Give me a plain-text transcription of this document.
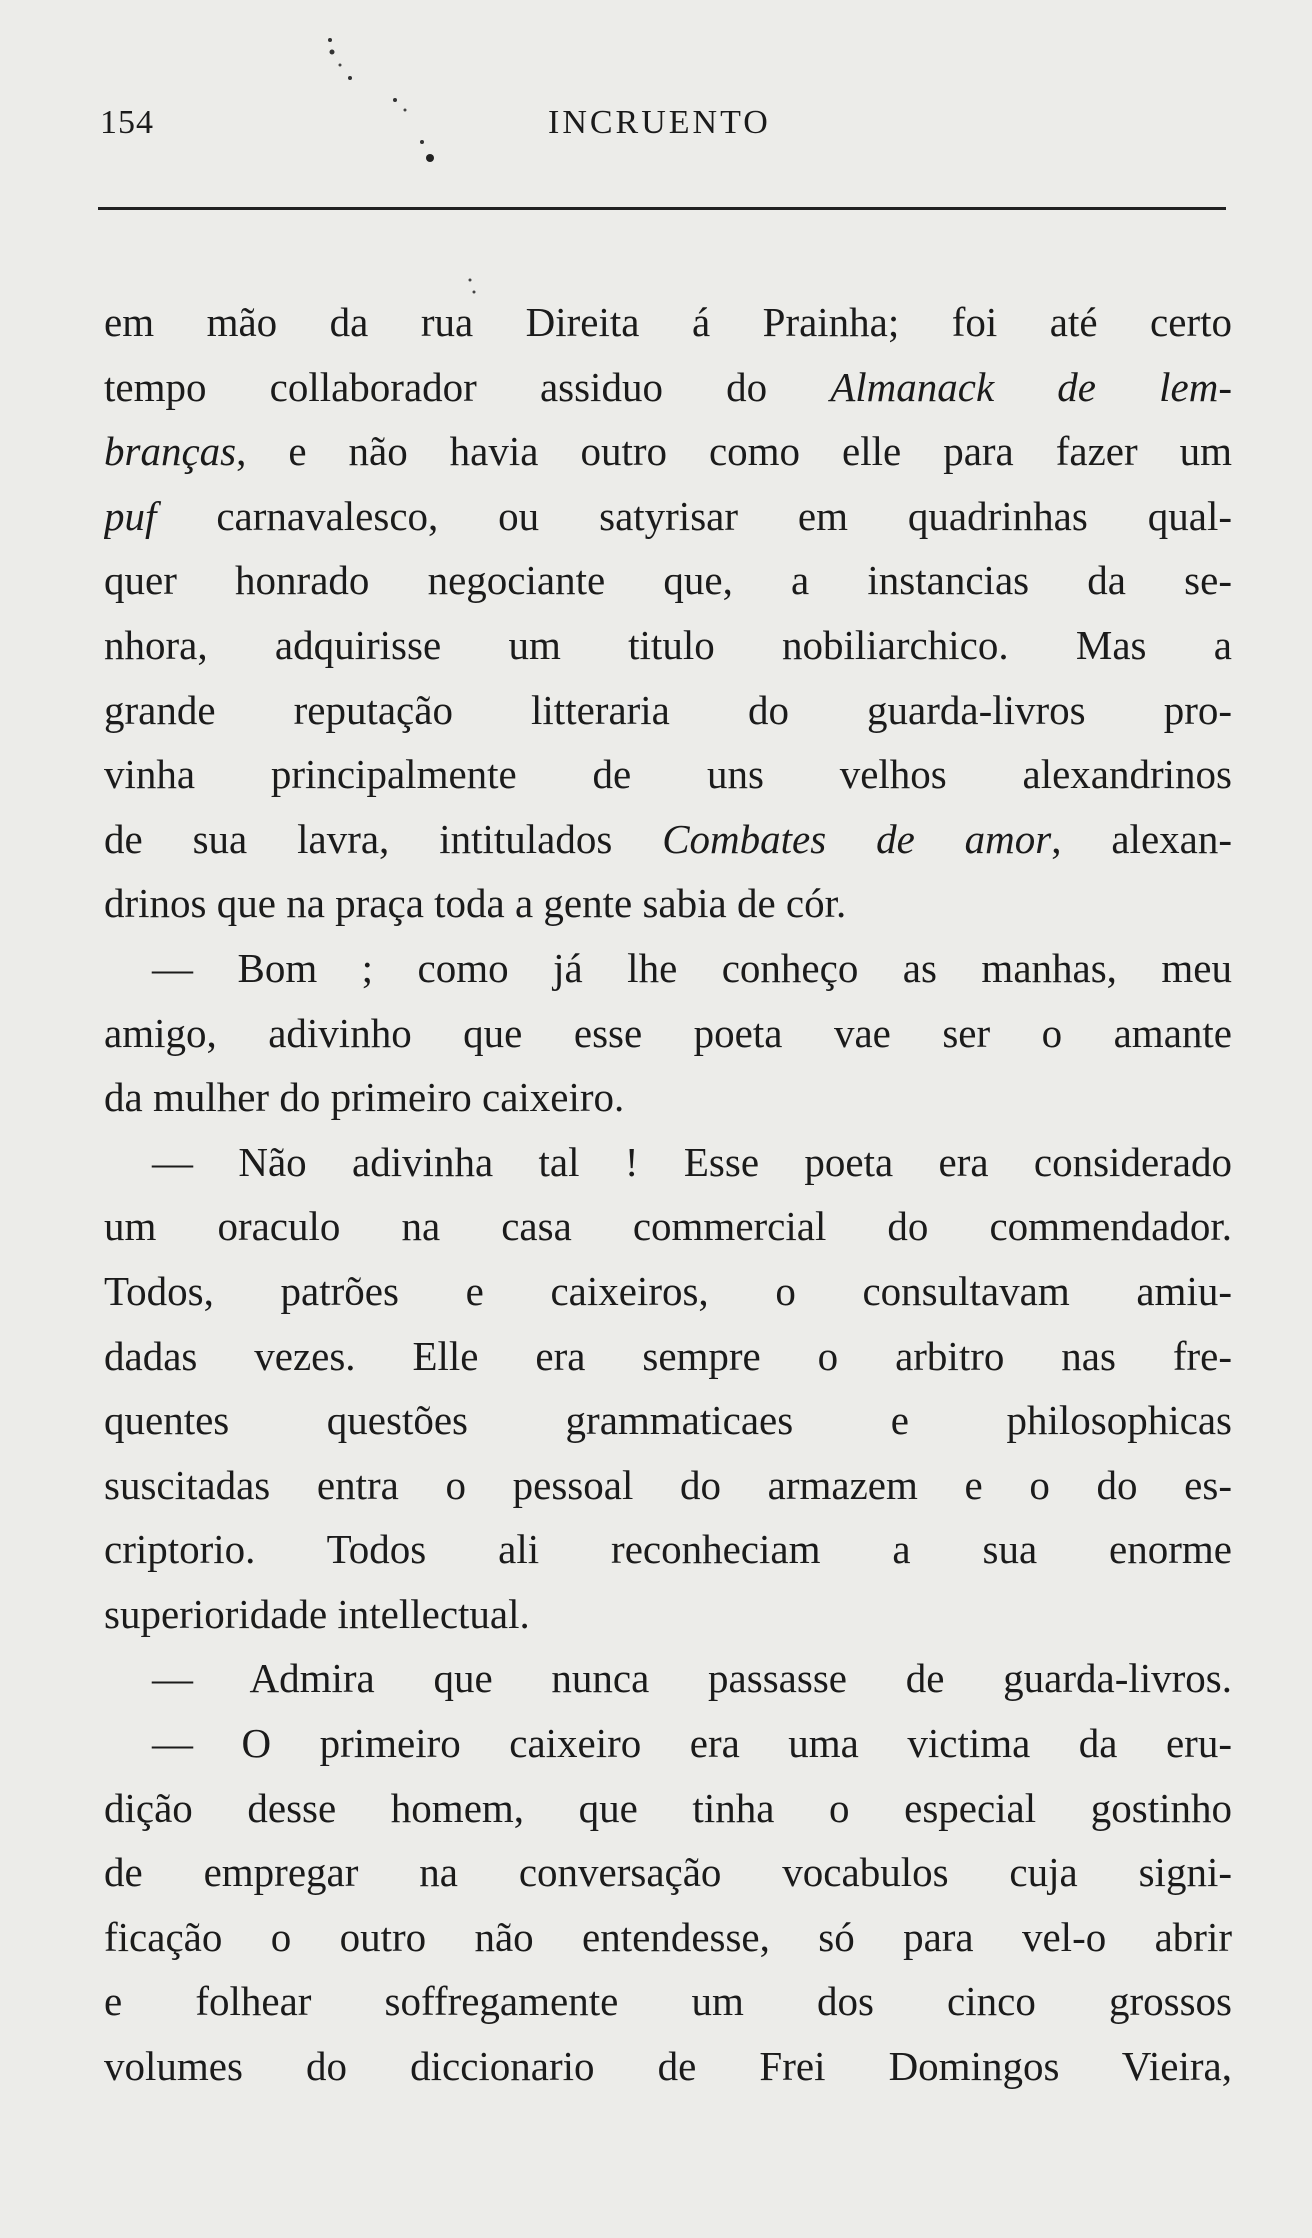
154	INCRUENTO
em mão da rua Direita á Prainha; foi até certo
tempo collaborador assiduo do Almanack de lem-
branças, e não havia outro como elle para fazer um
puf carnavalesco, ou satyrisar em quadrinhas qual-
quer honrado negociante que, a instancias da se-
nhora, adquirisse um titulo nobiliarchico. Mas a
grande reputação litteraria do guarda-livros pro-
vinha principalmente de uns velhos alexandrinos
de sua lavra, intitulados Combates de amor, alexan-
drinos que na praça toda a gente sabia de cór.
— Bom ; como já lhe conheço as manhas, meu
amigo, adivinho que esse poeta vae ser o amante
da mulher do primeiro caixeiro.
— Não adivinha tal ! Esse poeta era considerado
um oraculo na casa commercial do commendador.
Todos, patrões e caixeiros, o consultavam amiu-
dadas vezes. Elle era sempre o arbitro nas fre-
quentes questões grammaticaes e philosophicas
suscitadas entra o pessoal do armazem e o do es-
criptorio. Todos ali reconheciam a sua enorme
superioridade intellectual.
— Admira que nunca passasse de guarda-livros.
— O primeiro caixeiro era uma victima da eru-
dição desse homem, que tinha o especial gostinho
de empregar na conversação vocabulos cuja signi-
ficação o outro não entendesse, só para vel-o abrir
e folhear soffregamente um dos cinco grossos
volumes do diccionario de Frei Domingos Vieira,
